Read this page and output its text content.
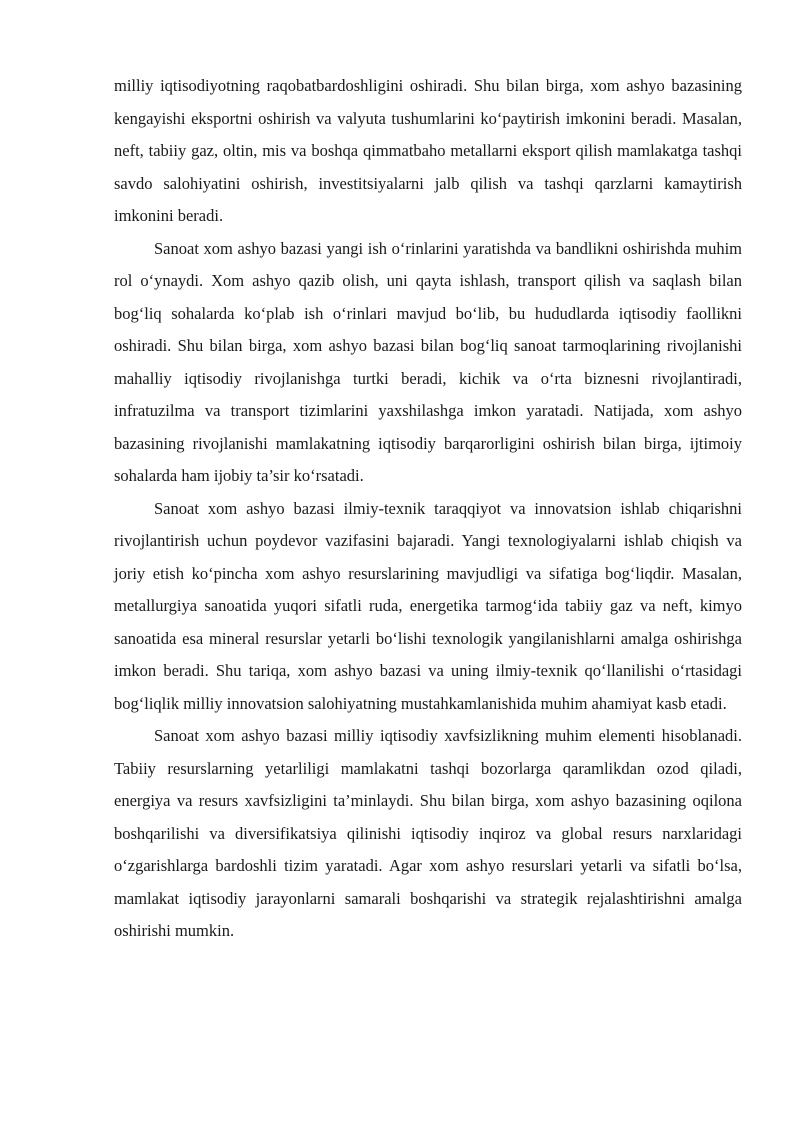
milliy iqtisodiyotning raqobatbardoshligini oshiradi. Shu bilan birga, xom ashyo bazasining kengayishi eksportni oshirish va valyuta tushumlarini ko‘paytirish imkonini beradi. Masalan, neft, tabiiy gaz, oltin, mis va boshqa qimmatbaho metallarni eksport qilish mamlakatga tashqi savdo salohiyatini oshirish, investitsiyalarni jalb qilish va tashqi qarzlarni kamaytirish imkonini beradi.

Sanoat xom ashyo bazasi yangi ish o‘rinlarini yaratishda va bandlikni oshirishda muhim rol o‘ynaydi. Xom ashyo qazib olish, uni qayta ishlash, transport qilish va saqlash bilan bog‘liq sohalarda ko‘plab ish o‘rinlari mavjud bo‘lib, bu hududlarda iqtisodiy faollikni oshiradi. Shu bilan birga, xom ashyo bazasi bilan bog‘liq sanoat tarmoqlarining rivojlanishi mahalliy iqtisodiy rivojlanishga turtki beradi, kichik va o‘rta biznesni rivojlantiradi, infratuzilma va transport tizimlarini yaxshilashga imkon yaratadi. Natijada, xom ashyo bazasining rivojlanishi mamlakatning iqtisodiy barqarorligini oshirish bilan birga, ijtimoiy sohalarda ham ijobiy ta’sir ko‘rsatadi.

Sanoat xom ashyo bazasi ilmiy-texnik taraqqiyot va innovatsion ishlab chiqarishni rivojlantirish uchun poydevor vazifasini bajaradi. Yangi texnologiyalarni ishlab chiqish va joriy etish ko‘pincha xom ashyo resurslarining mavjudligi va sifatiga bog‘liqdir. Masalan, metallurgiya sanoatida yuqori sifatli ruda, energetika tarmog‘ida tabiiy gaz va neft, kimyo sanoatida esa mineral resurslar yetarli bo‘lishi texnologik yangilanishlarni amalga oshirishga imkon beradi. Shu tariqa, xom ashyo bazasi va uning ilmiy-texnik qo‘llanilishi o‘rtasidagi bog‘liqlik milliy innovatsion salohiyatning mustahkamlanishida muhim ahamiyat kasb etadi.

Sanoat xom ashyo bazasi milliy iqtisodiy xavfsizlikning muhim elementi hisoblanadi. Tabiiy resurslarning yetarliligi mamlakatni tashqi bozorlarga qaramlikdan ozod qiladi, energiya va resurs xavfsizligini ta’minlaydi. Shu bilan birga, xom ashyo bazasining oqilona boshqarilishi va diversifikatsiya qilinishi iqtisodiy inqiroz va global resurs narxlaridagi o‘zgarishlarga bardoshli tizim yaratadi. Agar xom ashyo resurslari yetarli va sifatli bo‘lsa, mamlakat iqtisodiy jarayonlarni samarali boshqarishi va strategik rejalashtirishni amalga oshirishi mumkin.
